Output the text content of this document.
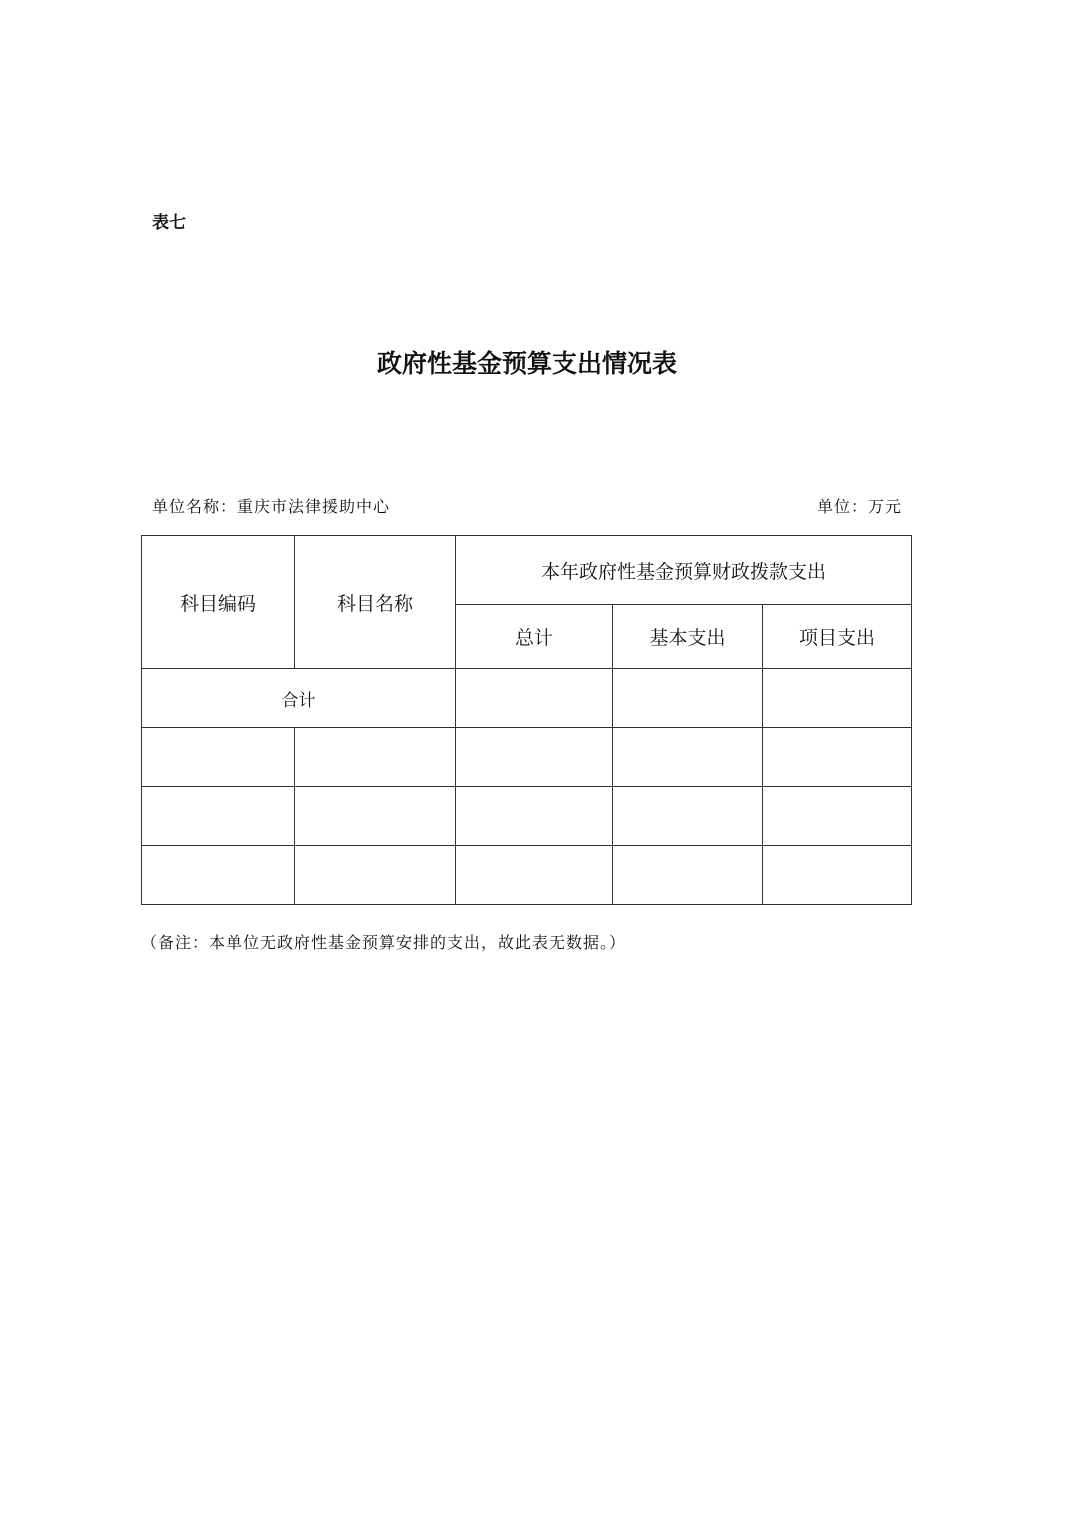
表七
政府性基金预算支出情况表
单位名称：重庆市法律援助中心	单位：万元
科目编码	科目名称	本年政府性基金预算财政拨款支出		
		总计	基本支出	项目支出
合计				

（备注：本单位无政府性基金预算安排的支出，故此表无数据。）
